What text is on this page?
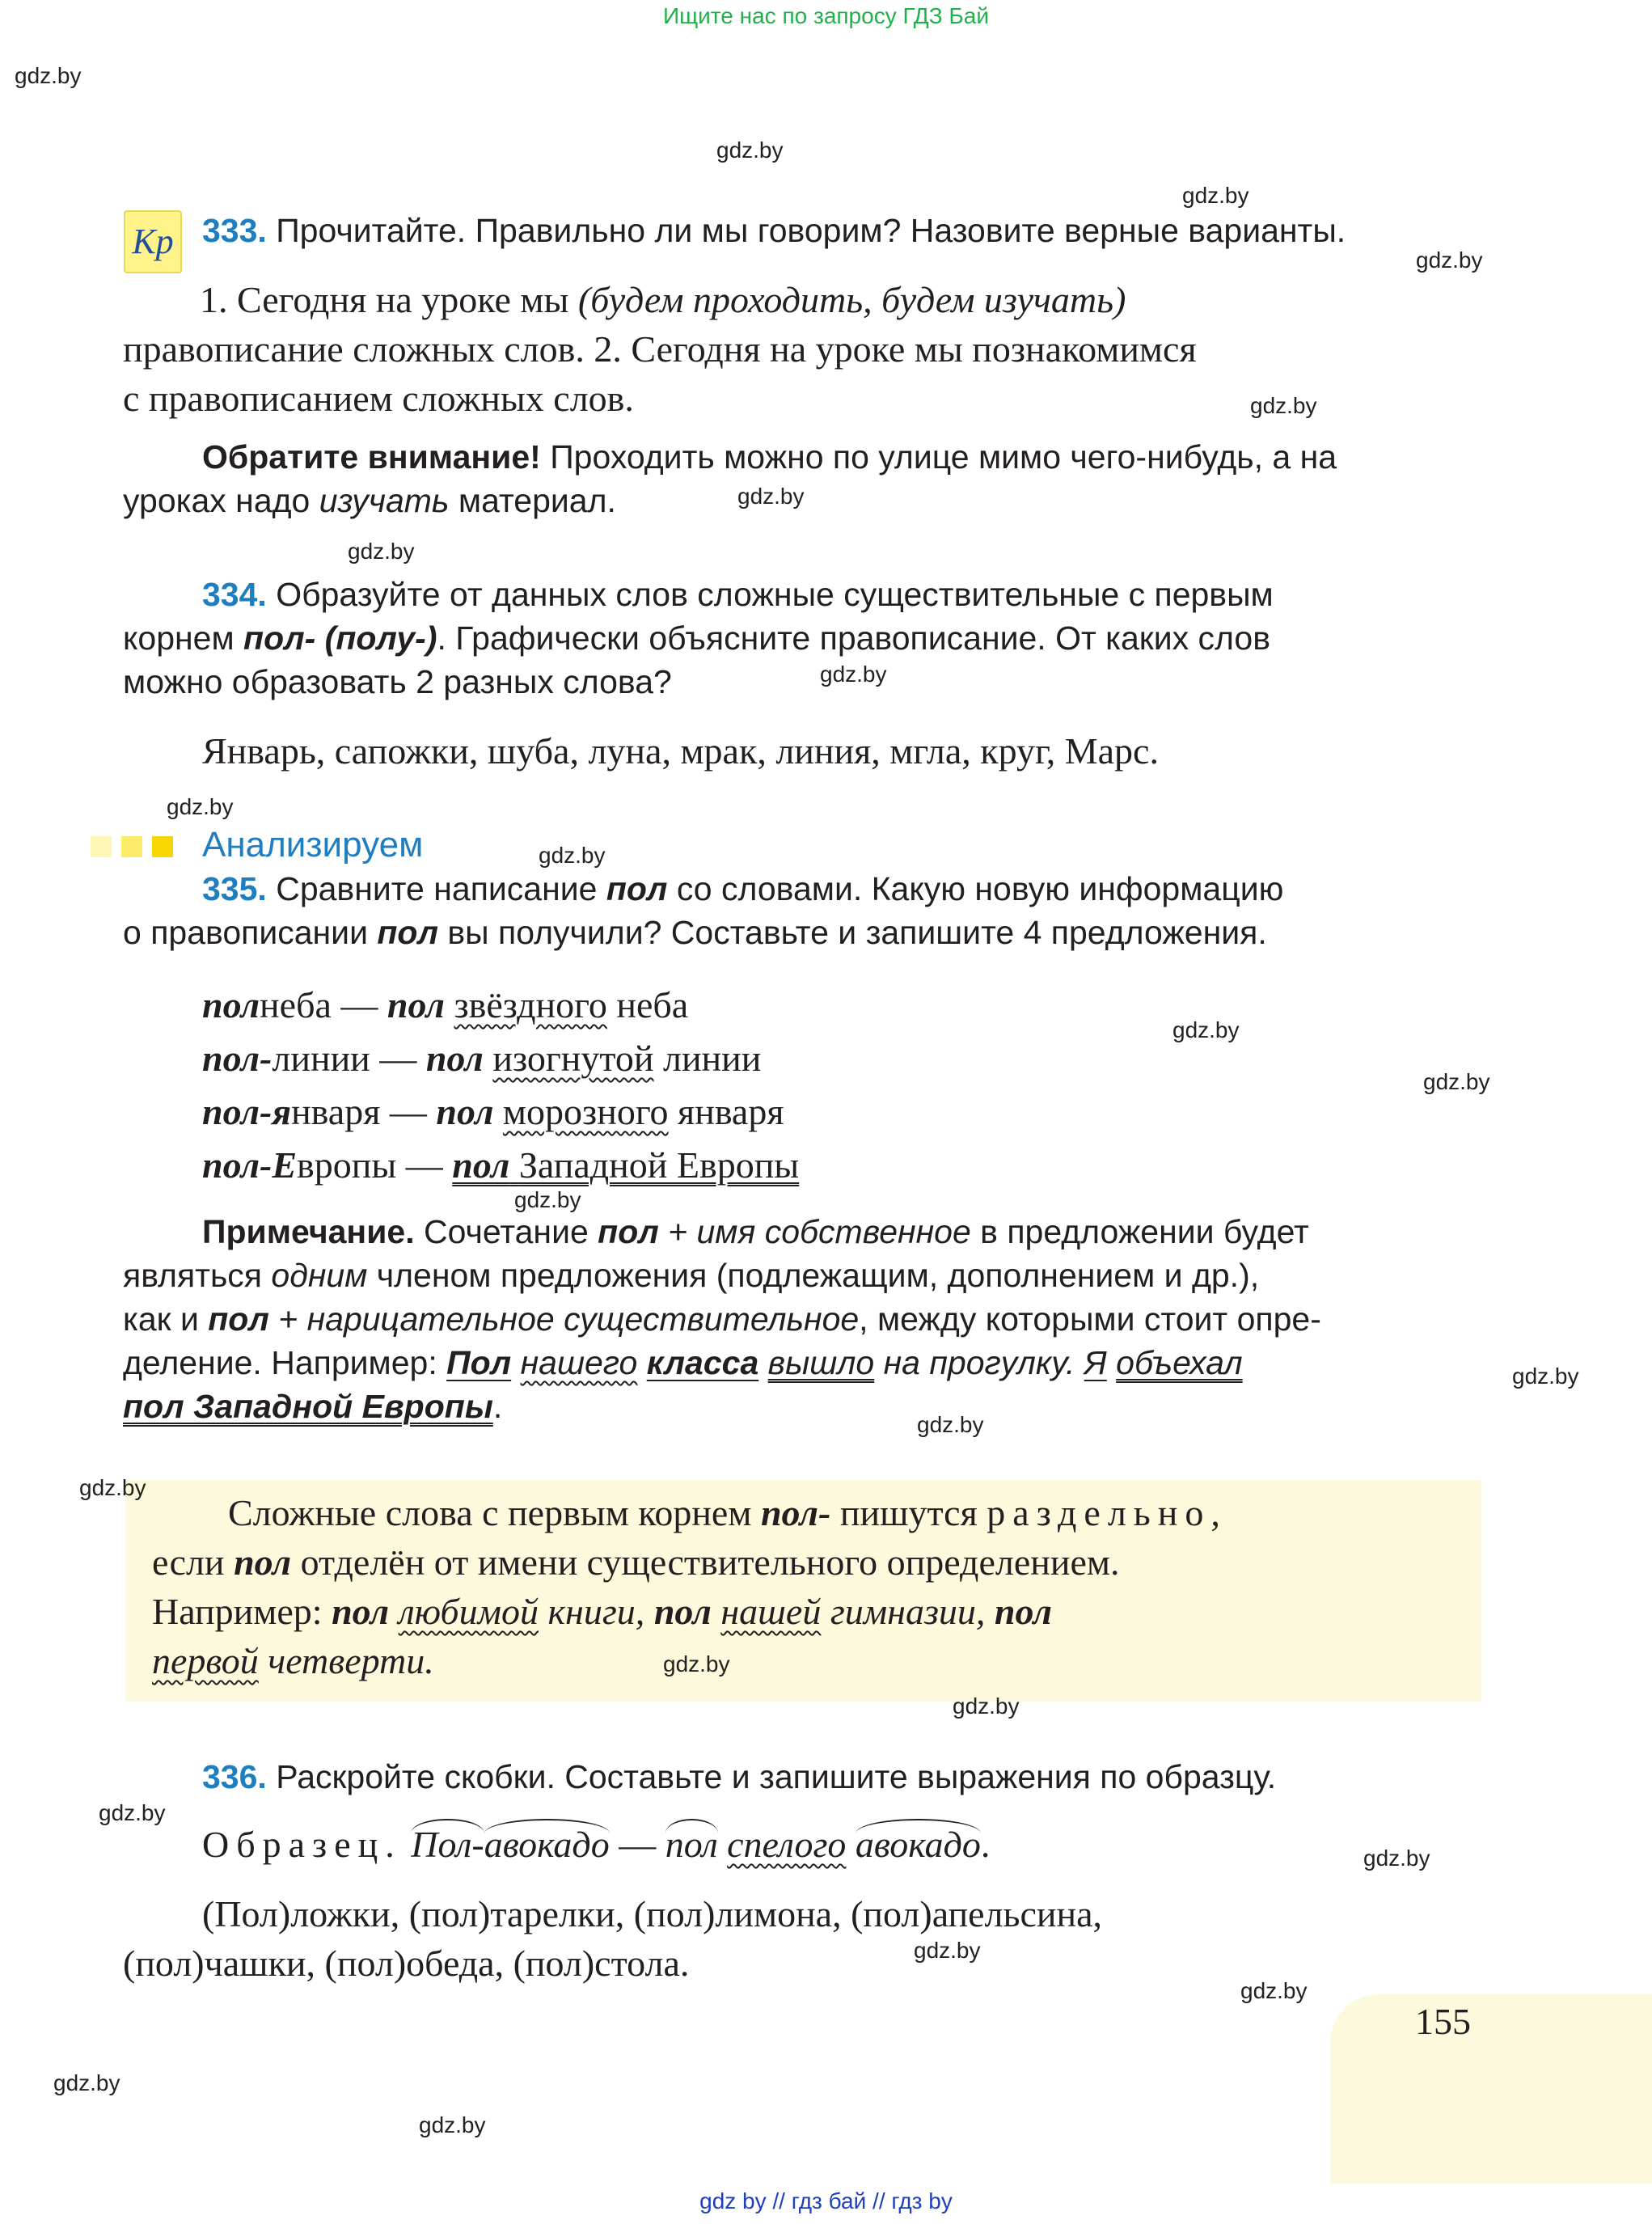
Ищите нас по запросу ГДЗ Бай
gdz by // гдз бай // гдз by
155
gdz.by
gdz.by
gdz.by
gdz.by
gdz.by
gdz.by
gdz.by
gdz.by
gdz.by
gdz.by
gdz.by
gdz.by
gdz.by
gdz.by
gdz.by
gdz.by
gdz.by
gdz.by
gdz.by
gdz.by
gdz.by
gdz.by
gdz.by
gdz.by
Кр 333. Прочитайте. Правильно ли мы говорим? Назовите верные варианты.
1. Сегодня на уроке мы (будем проходить, будем изучать)
правописание сложных слов. 2. Сегодня на уроке мы познакомимся
с правописанием сложных слов.
Обратите внимание! Проходить можно по улице мимо чего-нибудь, а на
уроках надо изучать материал.
334. Образуйте от данных слов сложные существительные с первым
корнем пол- (полу-). Графически объясните правописание. От каких слов
можно образовать 2 разных слова?
Январь, сапожки, шуба, луна, мрак, линия, мгла, круг, Марс.
Анализируем
335. Сравните написание пол со словами. Какую новую информацию
о правописании пол вы получили? Составьте и запишите 4 предложения.
полнеба — пол звёздного неба
пол-линии — пол изогнутой линии
пол-января — пол морозного января
пол-Европы — пол Западной Европы
Примечание. Сочетание пол + имя собственное в предложении будет
являться одним членом предложения (подлежащим, дополнением и др.),
как и пол + нарицательное существительное, между которыми стоит опре-
деление. Например: Пол нашего класса вышло на прогулку. Я объехал
пол Западной Европы.
Сложные слова с первым корнем пол- пишутся раздельно,
если пол отделён от имени существительного определением.
Например: пол любимой книги, пол нашей гимназии, пол
первой четверти.
336. Раскройте скобки. Составьте и запишите выражения по образцу.
Образец. Пол-авокадо — пол спелого авокадо.
(Пол)ложки, (пол)тарелки, (пол)лимона, (пол)апельсина,
(пол)чашки, (пол)обеда, (пол)стола.
